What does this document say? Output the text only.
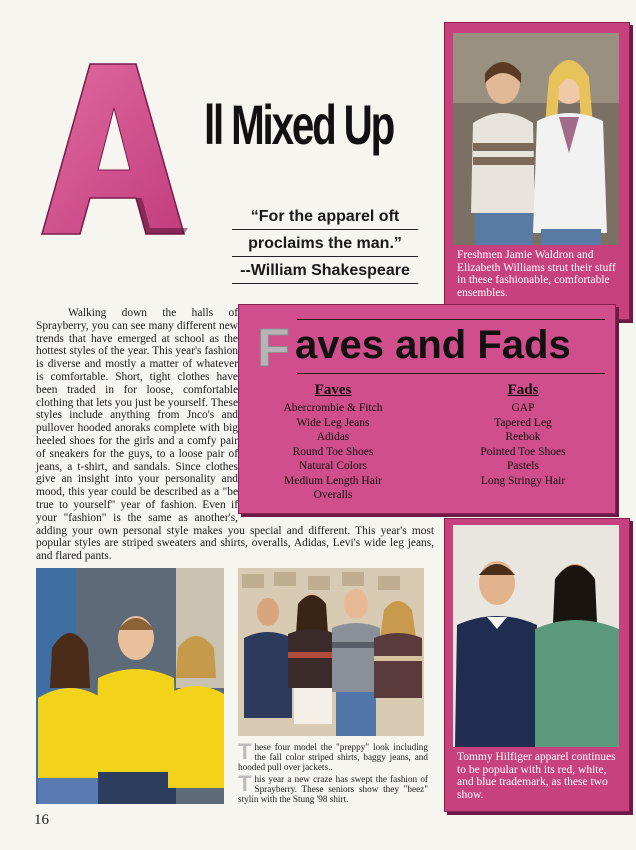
ll Mixed Up
“For the apparel oft
proclaims the man.”
--William Shakespeare
Freshmen Jamie Waldron and Elizabeth Williams strut their stuff in these fashionable, comfortable ensembles.
F aves and Fads
Faves
Abercrombie & Fitch
Wide Leg Jeans
Adidas
Round Toe Shoes
Natural Colors
Medium Length Hair
Overalls
Fads
GAP
Tapered Leg
Reebok
Pointed Toe Shoes
Pastels
Long Stringy Hair
Walking down the halls of Sprayberry, you can see many different new trends that have emerged at school as the hottest styles of the year. This year's fashion is diverse and mostly a matter of whatever is comfortable. Short, tight clothes have been traded in for loose, comfortable clothing that lets you just be yourself. These styles include anything from Jnco's and pullover hooded anoraks complete with big heeled shoes for the girls and a comfy pair of sneakers for the guys, to a loose pair of jeans, a t-shirt, and sandals. Since clothes give an insight into your personality and mood, this year could be described as a "be true to yourself" year of fashion. Even if your "fashion" is the same as another's, adding your own personal style makes you special and different. This year's most popular styles are striped sweaters and shirts, overalls, Adidas, Levi's wide leg jeans, and flared pants.
T hese four model the "preppy" look including the fall color striped shirts, baggy jeans, and hooded pull over jackets..
T his year a new craze has swept the fashion of Sprayberry. These seniors show they "beez" stylin with the Stung '98 shirt.
Tommy Hilfiger apparel continues to be popular with its red, white, and blue trademark, as these two show.
16
